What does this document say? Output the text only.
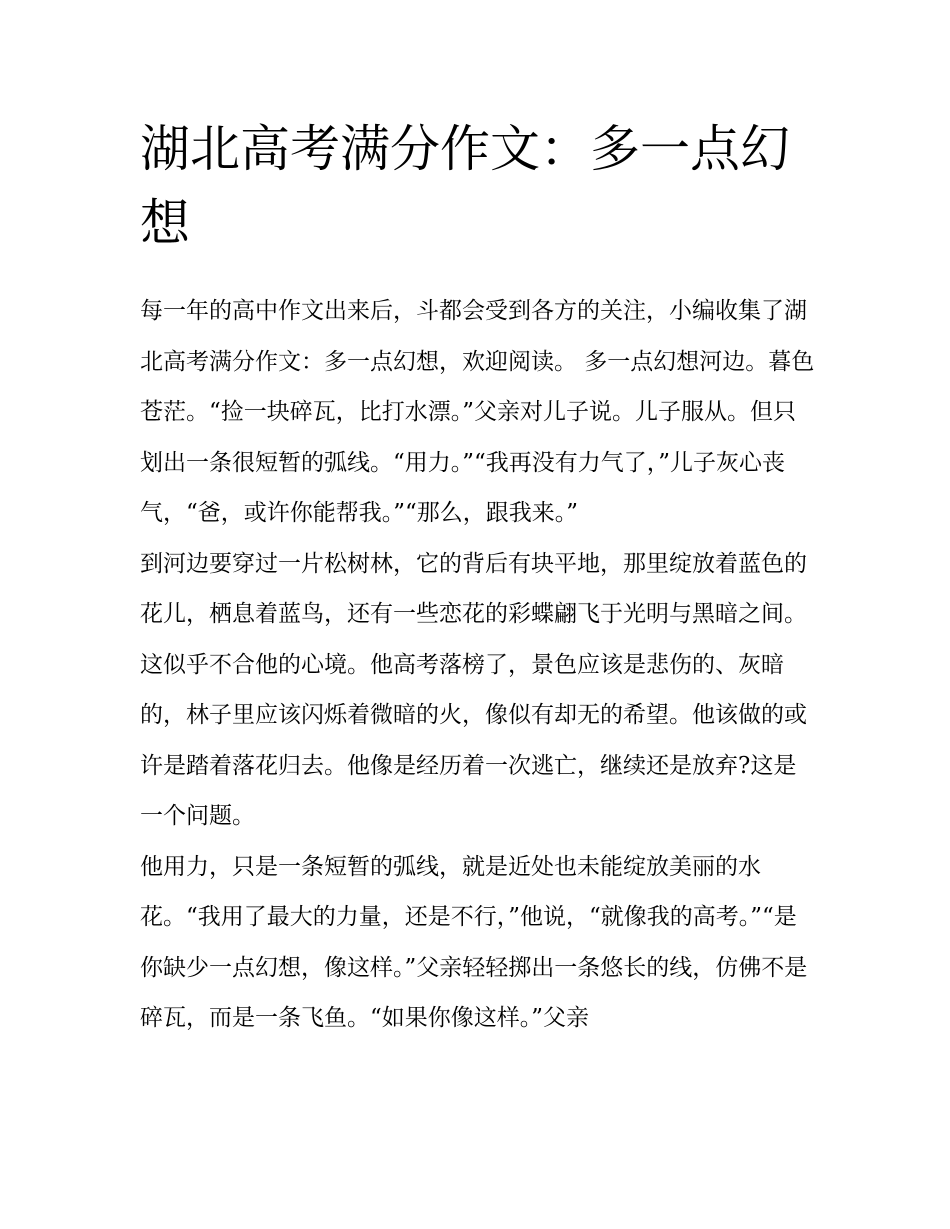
湖北高考满分作文：多一点幻想

每一年的高中作文出来后，斗都会受到各方的关注，小编收集了湖北高考满分作文：多一点幻想，欢迎阅读。 多一点幻想河边。暮色苍茫。“捡一块碎瓦，比打水漂。”父亲对儿子说。儿子服从。但只划出一条很短暂的弧线。“用力。”“我再没有力气了，”儿子灰心丧气，“爸，或许你能帮我。”“那么，跟我来。”

到河边要穿过一片松树林，它的背后有块平地，那里绽放着蓝色的花儿，栖息着蓝鸟，还有一些恋花的彩蝶翩飞于光明与黑暗之间。这似乎不合他的心境。他高考落榜了，景色应该是悲伤的、灰暗的，林子里应该闪烁着微暗的火，像似有却无的希望。他该做的或许是踏着落花归去。他像是经历着一次逃亡，继续还是放弃?这是一个问题。

他用力，只是一条短暂的弧线，就是近处也未能绽放美丽的水花。“我用了最大的力量，还是不行，”他说，“就像我的高考。”“是你缺少一点幻想，像这样。”父亲轻轻掷出一条悠长的线，仿佛不是碎瓦，而是一条飞鱼。“如果你像这样。”父亲
